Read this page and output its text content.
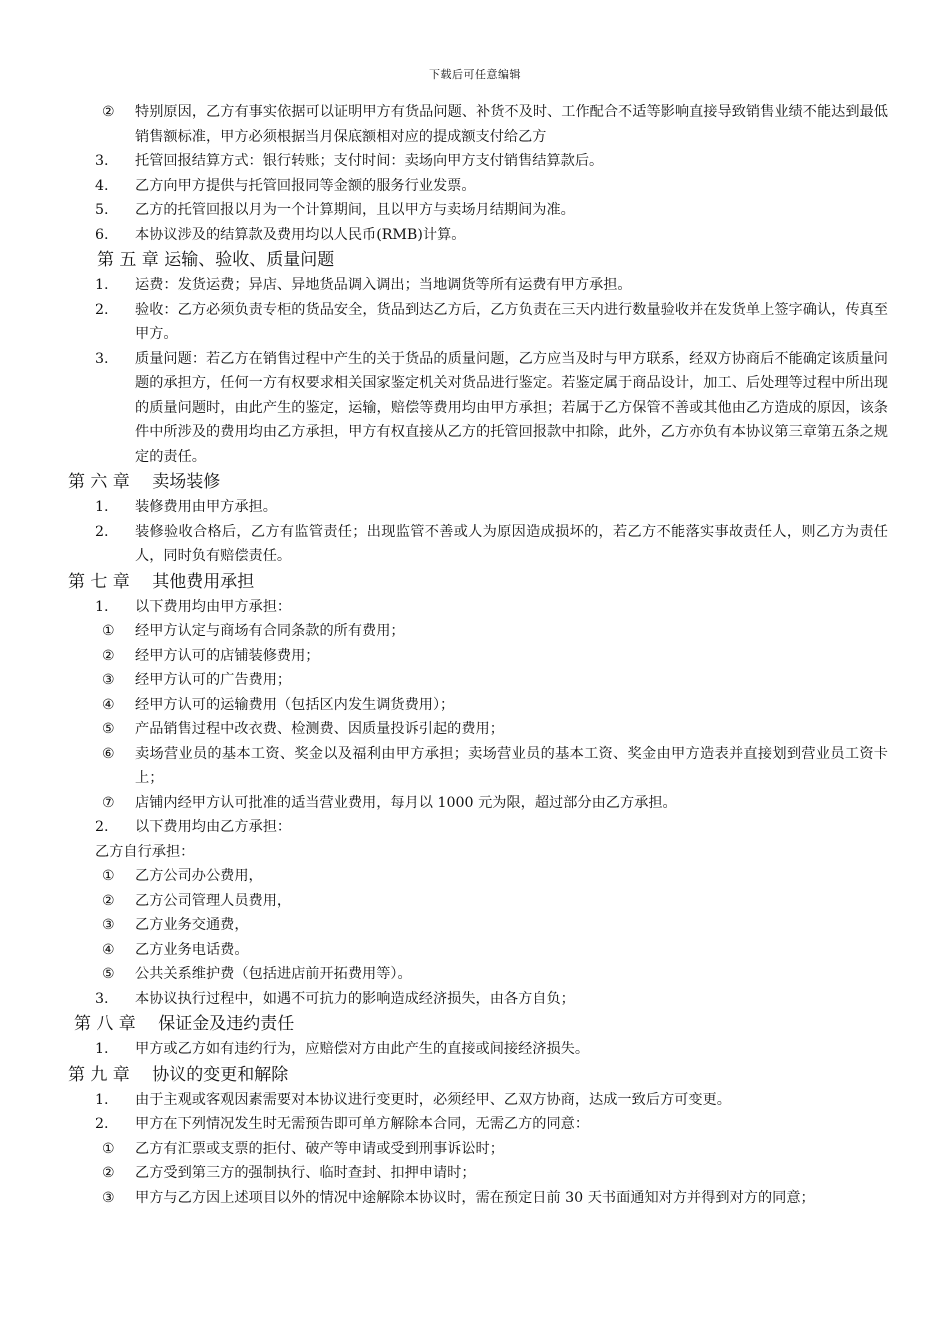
下载后可任意编辑
② 特别原因，乙方有事实依据可以证明甲方有货品问题、补货不及时、工作配合不适等影响直接导致销售业绩不能达到最低销售额标准，甲方必须根据当月保底额相对应的提成额支付给乙方
3. 托管回报结算方式：银行转账；支付时间：卖场向甲方支付销售结算款后。
4. 乙方向甲方提供与托管回报同等金额的服务行业发票。
5. 乙方的托管回报以月为一个计算期间，且以甲方与卖场月结期间为准。
6. 本协议涉及的结算款及费用均以人民币(RMB)计算。
第 五 章 运输、验收、质量问题
1. 运费：发货运费；异店、异地货品调入调出；当地调货等所有运费有甲方承担。
2. 验收：乙方必须负责专柜的货品安全，货品到达乙方后，乙方负责在三天内进行数量验收并在发货单上签字确认，传真至甲方。
3. 质量问题：若乙方在销售过程中产生的关于货品的质量问题，乙方应当及时与甲方联系，经双方协商后不能确定该质量问题的承担方，任何一方有权要求相关国家鉴定机关对货品进行鉴定。若鉴定属于商品设计，加工、后处理等过程中所出现的质量问题时，由此产生的鉴定，运输，赔偿等费用均由甲方承担；若属于乙方保管不善或其他由乙方造成的原因，该条件中所涉及的费用均由乙方承担，甲方有权直接从乙方的托管回报款中扣除，此外，乙方亦负有本协议第三章第五条之规定的责任。
第 六 章　 卖场装修
1. 装修费用由甲方承担。
2. 装修验收合格后，乙方有监管责任；出现监管不善或人为原因造成损坏的，若乙方不能落实事故责任人，则乙方为责任人，同时负有赔偿责任。
第 七 章　 其他费用承担
1. 以下费用均由甲方承担：
① 经甲方认定与商场有合同条款的所有费用；
② 经甲方认可的店铺装修费用；
③ 经甲方认可的广告费用；
④ 经甲方认可的运输费用（包括区内发生调货费用）；
⑤ 产品销售过程中改衣费、检测费、因质量投诉引起的费用；
⑥ 卖场营业员的基本工资、奖金以及福利由甲方承担；卖场营业员的基本工资、奖金由甲方造表并直接划到营业员工资卡上；
⑦ 店铺内经甲方认可批准的适当营业费用，每月以 1000 元为限，超过部分由乙方承担。
2. 以下费用均由乙方承担：
乙方自行承担：
① 乙方公司办公费用，
② 乙方公司管理人员费用，
③ 乙方业务交通费，
④ 乙方业务电话费。
⑤ 公共关系维护费（包括进店前开拓费用等）。
3. 本协议执行过程中，如遇不可抗力的影响造成经济损失，由各方自负；
第 八 章　 保证金及违约责任
1. 甲方或乙方如有违约行为，应赔偿对方由此产生的直接或间接经济损失。
第 九 章　 协议的变更和解除
1. 由于主观或客观因素需要对本协议进行变更时，必须经甲、乙双方协商，达成一致后方可变更。
2. 甲方在下列情况发生时无需预告即可单方解除本合同，无需乙方的同意：
① 乙方有汇票或支票的拒付、破产等申请或受到刑事诉讼时；
② 乙方受到第三方的强制执行、临时查封、扣押申请时；
③ 甲方与乙方因上述项目以外的情况中途解除本协议时，需在预定日前 30 天书面通知对方并得到对方的同意；
